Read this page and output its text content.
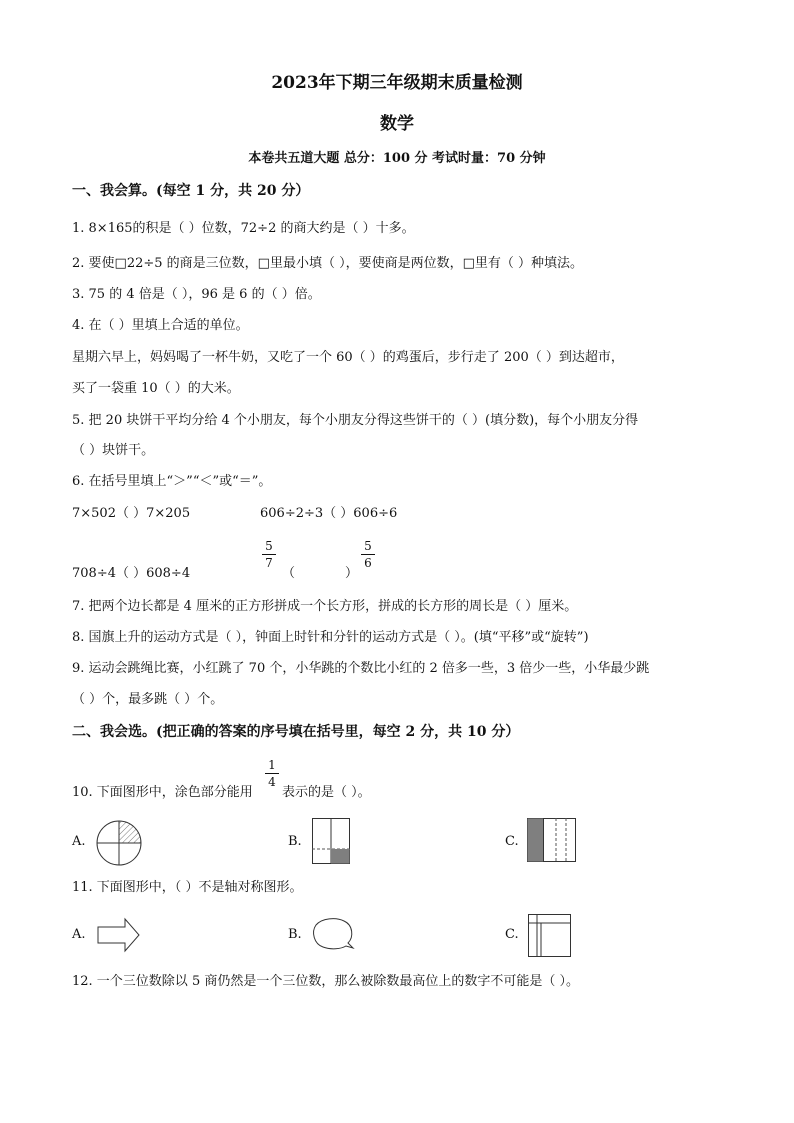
2023年下期三年级期末质量检测
数学
本卷共五道大题 总分：100 分 考试时量：70 分钟
一、我会算。(每空 1 分，共 20 分）
1. 8×165的积是（ ）位数，72÷2 的商大约是（ ）十多。
2. 要使□22÷5 的商是三位数，□里最小填（ ），要使商是两位数，□里有（ ）种填法。
3. 75 的 4 倍是（ ），96 是 6 的（ ）倍。
4. 在（ ）里填上合适的单位。
星期六早上，妈妈喝了一杯牛奶，又吃了一个 60（ ）的鸡蛋后，步行走了 200（ ）到达超市，
买了一袋重 10（ ）的大米。
5. 把 20 块饼干平均分给 4 个小朋友，每个小朋友分得这些饼干的（ ）(填分数)，每个小朋友分得
（ ）块饼干。
6. 在括号里填上“＞”“＜”或“＝”。
7×502（ ）7×205	606÷2÷3（ ）606÷6
708÷4（ ）608÷4
5
7
（	）
5
6
7. 把两个边长都是 4 厘米的正方形拼成一个长方形，拼成的长方形的周长是（ ）厘米。
8. 国旗上升的运动方式是（ ），钟面上时针和分针的运动方式是（ ）。(填“平移”或“旋转”)
9. 运动会跳绳比赛，小红跳了 70 个，小华跳的个数比小红的 2 倍多一些，3 倍少一些，小华最少跳
（ ）个，最多跳（ ）个。
二、我会选。(把正确的答案的序号填在括号里，每空 2 分，共 10 分）
10. 下面图形中，涂色部分能用
1
4
表示的是（ ）。
A.	B.	C.
11. 下面图形中，（ ）不是轴对称图形。
A.	B.	C.
12. 一个三位数除以 5 商仍然是一个三位数，那么被除数最高位上的数字不可能是（ ）。
